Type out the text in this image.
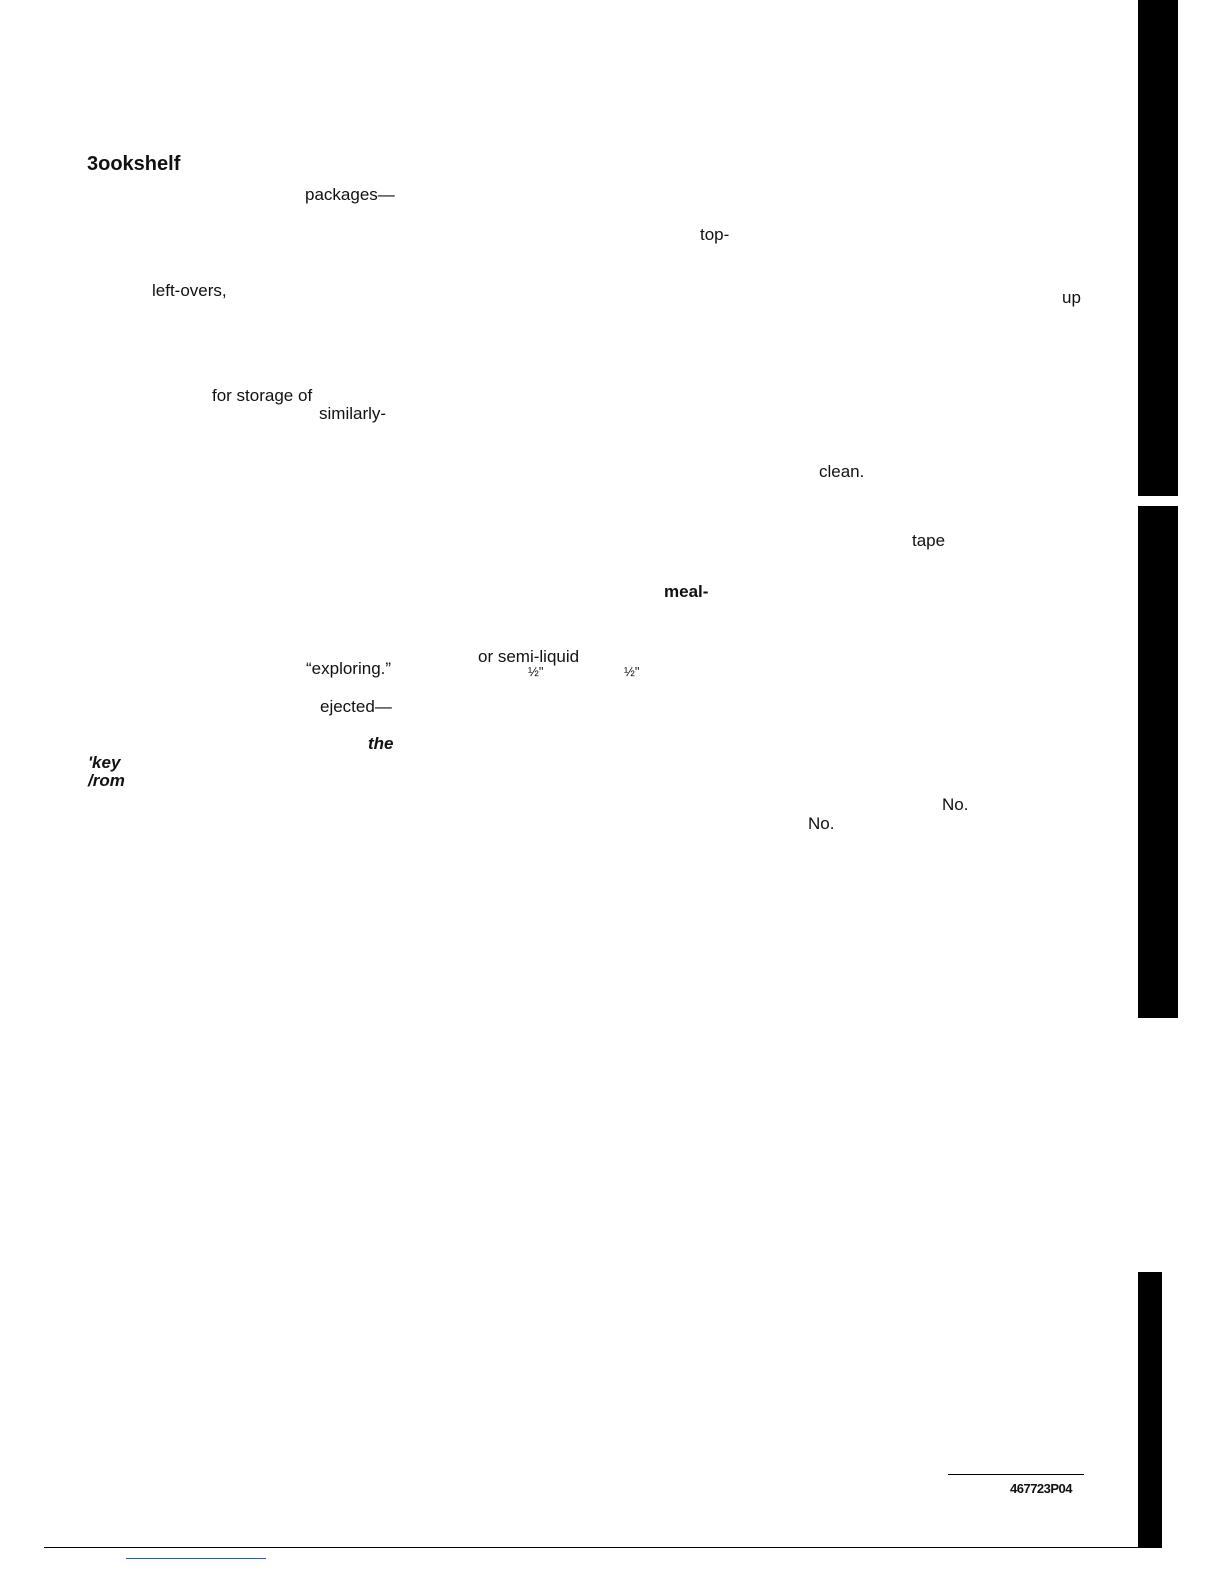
3ookshelf
packages—
left-overs,
for storage of
similarly-
“exploring.”
ejected—
the
'key
/rom
top-
up
clean.
tape
meal-
or semi-liquid
½"	½"
No.
No.
467723P04
